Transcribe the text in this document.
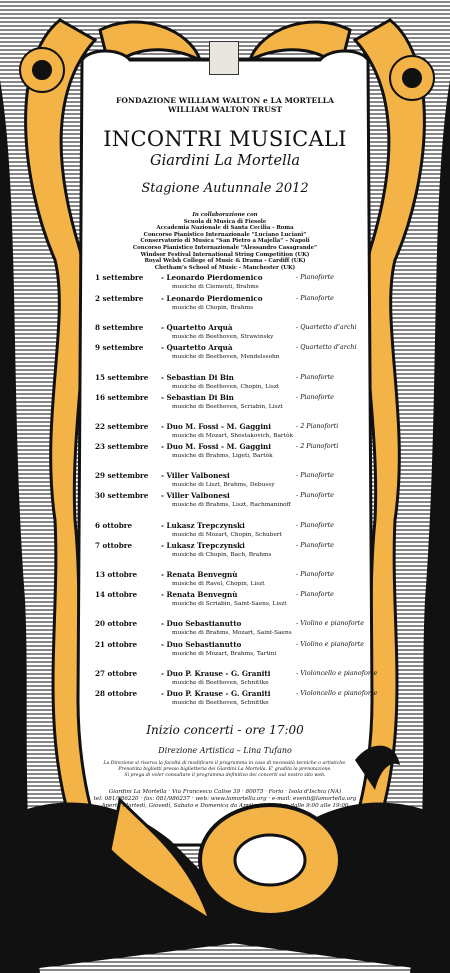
FONDAZIONE WILLIAM WALTON e LA MORTELLA
WILLIAM WALTON TRUST
INCONTRI MUSICALI
Giardini La Mortella
Stagione Autunnale 2012
In collaborazione con
Scuola di Musica di Fiesole
Accademia Nazionale di Santa Cecilia - Roma
Concorso Pianistico Internazionale “Luciano Luciani”
Conservatorio di Musica “San Pietro a Majella” – Napoli
Concorso Pianistico Internazionale “Alessandro Casagrande”
Windsor Festival International String Competition (UK)
Royal Welsh College of Music & Drama - Cardiff (UK)
Chetham’s School of Music - Manchester (UK)
1 settembre - Leonardo Pierdomenico
musiche di Clementi, Brahms
- Pianoforte
2 settembre - Leonardo Pierdomenico
musiche di Chopin, Brahms
- Pianoforte
8 settembre - Quartetto Arquà
musiche di Beethoven, Strawinsky
- Quartetto d’archi
9 settembre - Quartetto Arquà
musiche di Beethoven, Mendelssohn
- Quartetto d’archi
15 settembre - Sebastian Di Bin
musiche di Beethoven, Chopin, Liszt
- Pianoforte
16 settembre - Sebastian Di Bin
musiche di Beethoven, Scriabin, Liszt
- Pianoforte
22 settembre - Duo M. Fossi - M. Gaggini
musiche di Mozart, Shostakovich, Bartòk
- 2 Pianoforti
23 settembre - Duo M. Fossi - M. Gaggini
musiche di Brahms, Ligeti, Bartòk
- 2 Pianoforti
29 settembre - Viller Valbonesi
musiche di Liszt, Brahms, Debussy
- Pianoforte
30 settembre - Viller Valbonesi
musiche di Brahms, Liszt, Rachmaninoff
- Pianoforte
6 ottobre	- Lukasz Trepczynski
musiche di Mozart, Chopin, Schubert
- Pianoforte
7 ottobre	- Lukasz Trepczynski
musiche di Chopin, Bach, Brahms
- Pianoforte
13 ottobre	- Renata Benvegnù
musiche di Ravel, Chopin, Liszt
- Pianoforte
14 ottobre	- Renata Benvegnù
musiche di Scriabin, Saint-Saens, Liszt
- Pianoforte
20 ottobre	- Duo Sebastianutto
musiche di Brahms, Mozart, Saint-Saens
- Violino e pianoforte
21 ottobre	- Duo Sebastianutto
musiche di Mozart, Brahms, Tartini
- Violino e pianoforte
27 ottobre	- Duo P. Krause - G. Graniti
musiche di Beethoven, Schnittke
- Violoncello e pianoforte
28 ottobre	- Duo P. Krause - G. Graniti
musiche di Beethoven, Schnittke
- Violoncello e pianoforte
Inizio concerti - ore 17:00
Direzione Artistica – Lina Tufano
La Direzione si riserva la facoltà di modificare il programma in caso di necessità tecniche o artistiche.
Prenotiita biglietti presso biglietteria dei Giardini La Mortella. E' gradita la prenotazione.
Si prega di voler consultare il programma definitivo dei concerti sul nostro sito web.
Giardini La Mortella · Via Francesco Calise 39 · 80075 · Forio · Isola d'Ischia (NA)
tel: 081/986220 · fax: 081/986237 · web: www.lamortella.org · e-mail: eventi@lamortella.org
Aperto Martedì, Giovedì, Sabato e Domenica da Aprile ad Ottobre dalle 9:00 alle 19:00
